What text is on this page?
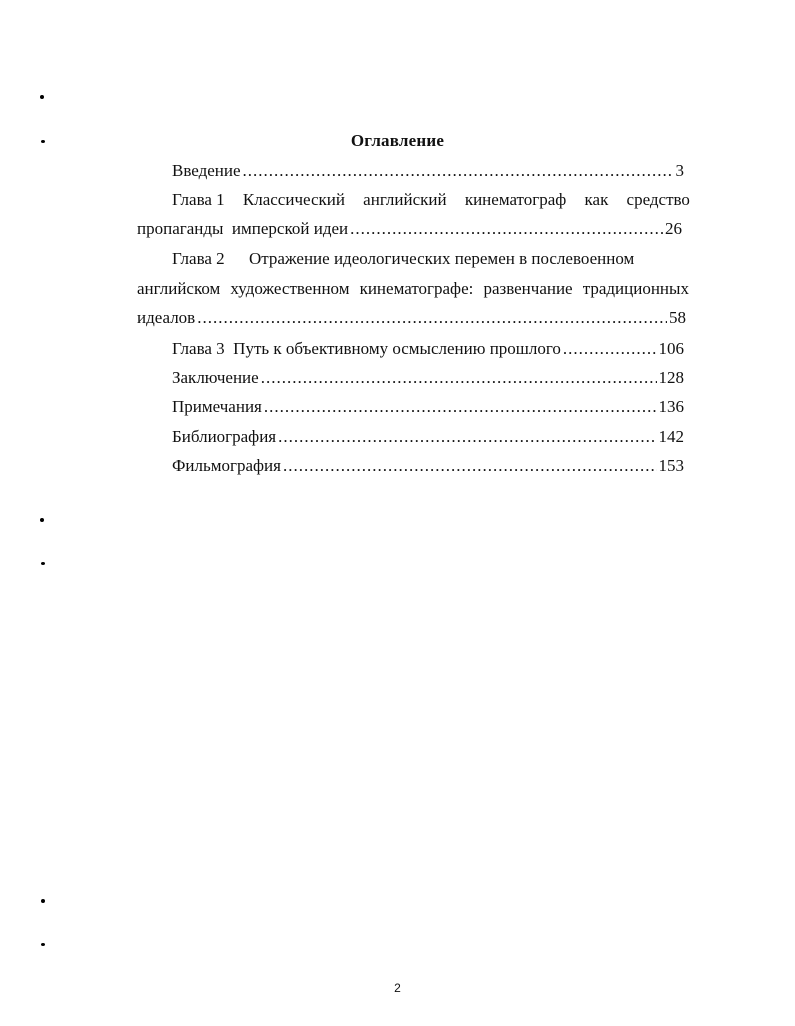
Оглавление
Введение .....	3
Глава 1 Классический английский кинематограф как средство
пропаганды  имперской идеи .....	26
Глава 2 Отражение идеологических перемен в послевоенном
английском художественном кинематографе: развенчание традиционных
идеалов .....	58
Глава 3  Путь к объективному осмыслению прошлого .....	106
Заключение .....	128
Примечания .....	136
Библиография .....	142
Фильмография .....	153
2
